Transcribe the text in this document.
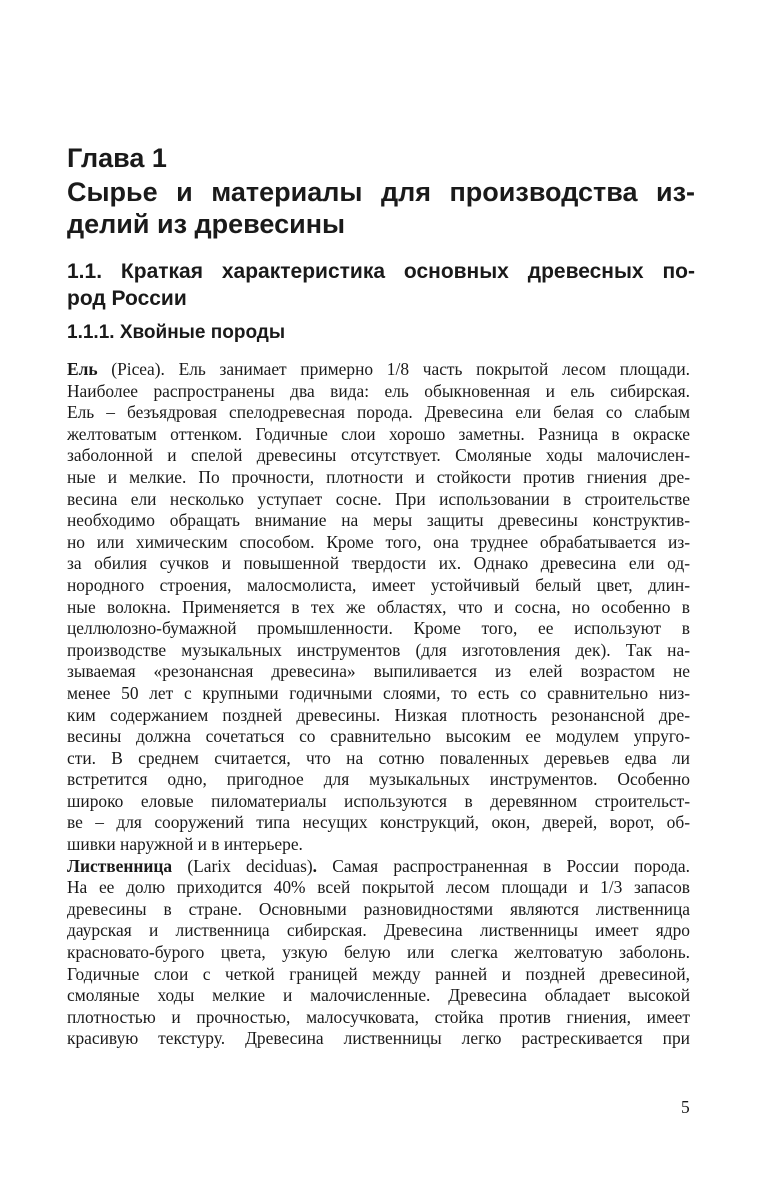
Глава 1
Сырье и материалы для производства из-
делий из древесины
1.1. Краткая характеристика основных древесных по-
род России
1.1.1. Хвойные породы
Ель (Picea). Ель занимает примерно 1/8 часть покрытой лесом площади.
Наиболее распространены два вида: ель обыкновенная и ель сибирская.
Ель – безъядровая спелодревесная порода. Древесина ели белая со слабым
желтоватым оттенком. Годичные слои хорошо заметны. Разница в окраске
заболонной и спелой древесины отсутствует. Смоляные ходы малочислен-
ные и мелкие. По прочности, плотности и стойкости против гниения дре-
весина ели несколько уступает сосне. При использовании в строительстве
необходимо обращать внимание на меры защиты древесины конструктив-
но или химическим способом. Кроме того, она труднее обрабатывается из-
за обилия сучков и повышенной твердости их. Однако древесина ели од-
нородного строения, малосмолиста, имеет устойчивый белый цвет, длин-
ные волокна. Применяется в тех же областях, что и сосна, но особенно в
целлюлозно-бумажной промышленности. Кроме того, ее используют в
производстве музыкальных инструментов (для изготовления дек). Так на-
зываемая «резонансная древесина» выпиливается из елей возрастом не
менее 50 лет с крупными годичными слоями, то есть со сравнительно низ-
ким содержанием поздней древесины. Низкая плотность резонансной дре-
весины должна сочетаться со сравнительно высоким ее модулем упруго-
сти. В среднем считается, что на сотню поваленных деревьев едва ли
встретится одно, пригодное для музыкальных инструментов. Особенно
широко еловые пиломатериалы используются в деревянном строительст-
ве – для сооружений типа несущих конструкций, окон, дверей, ворот, об-
шивки наружной и в интерьере.
Лиственница (Larix deciduas). Самая распространенная в России порода.
На ее долю приходится 40% всей покрытой лесом площади и 1/3 запасов
древесины в стране. Основными разновидностями являются лиственница
даурская и лиственница сибирская. Древесина лиственницы имеет ядро
красновато-бурого цвета, узкую белую или слегка желтоватую заболонь.
Годичные слои с четкой границей между ранней и поздней древесиной,
смоляные ходы мелкие и малочисленные. Древесина обладает высокой
плотностью и прочностью, малосучковата, стойка против гниения, имеет
красивую текстуру. Древесина лиственницы легко растрескивается при
5
